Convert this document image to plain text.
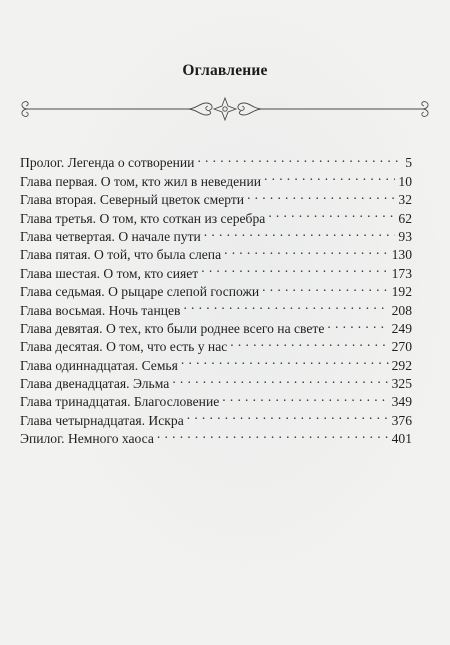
Оглавление
Пролог. Легенда о сотворении . . .	5
Глава первая. О том, кто жил в неведении . . .	10
Глава вторая. Северный цветок смерти . . .	32
Глава третья. О том, кто соткан из серебра . . .	62
Глава четвертая. О начале пути . . .	93
Глава пятая. О той, что была слепа . . .	130
Глава шестая. О том, кто сияет . . .	173
Глава седьмая. О рыцаре слепой госпожи . . .	192
Глава восьмая. Ночь танцев . . .	208
Глава девятая. О тех, кто были роднее всего на свете . . .	249
Глава десятая. О том, что есть у нас . . .	270
Глава одиннадцатая. Семья . . .	292
Глава двенадцатая. Эльма . . .	325
Глава тринадцатая. Благословение . . .	349
Глава четырнадцатая. Искра . . .	376
Эпилог. Немного хаоса . . .	401
